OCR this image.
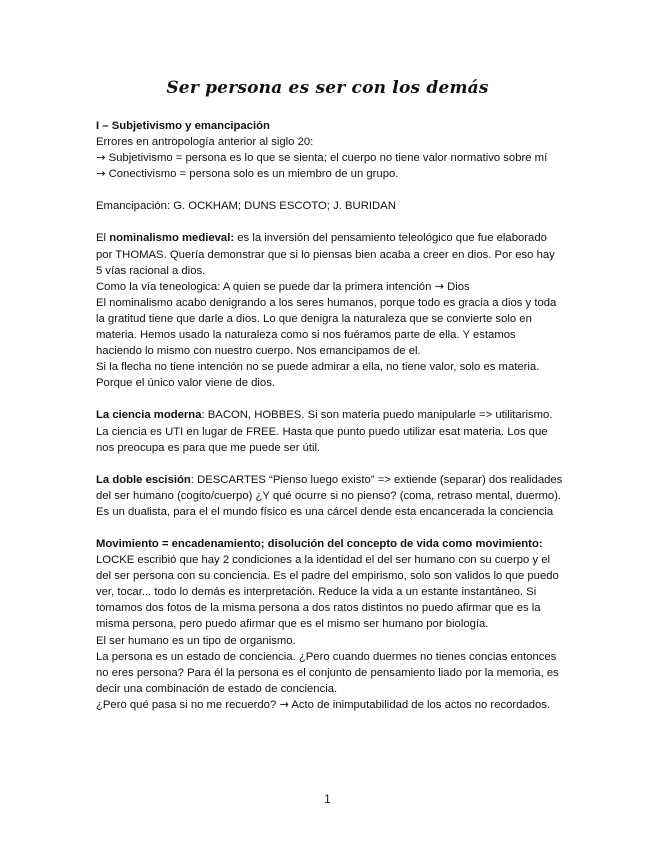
Ser persona es ser con los demás

I – Subjetivismo y emancipación

Errores en antropología anterior al siglo 20:

→ Subjetivismo = persona es lo que se sienta; el cuerpo no tiene valor normativo sobre mí

→ Conectivismo = persona solo es un miembro de un grupo.

Emancipación: G. OCKHAM; DUNS ESCOTO; J. BURIDAN

El nominalismo medieval: es la inversión del pensamiento teleológico que fue elaborado por THOMAS. Quería demonstrar que si lo piensas bien acaba a creer en dios. Por eso hay 5 vías racional a dios.

Como la vía teneologica: A quien se puede dar la primera intención → Dios

El nominalismo acabo denigrando a los seres humanos, porque todo es gracia a dios y toda la gratitud tiene que darle a dios. Lo que denigra la naturaleza que se convierte solo en materia. Hemos usado la naturaleza como si nos fuéramos parte de ella. Y estamos haciendo lo mismo con nuestro cuerpo. Nos emancipamos de el.

Si la flecha no tiene intención no se puede admirar a ella, no tiene valor, solo es materia. Porque el único valor viene de dios.

La ciencia moderna: BACON, HOBBES. Si son materia puedo manipularle => utilitarismo. La ciencia es UTI en lugar de FREE. Hasta que punto puedo utilizar esat materia. Los que nos preocupa es para que me puede ser útil.

La doble escisión: DESCARTES “Pienso luego existo” => extiende (separar) dos realidades del ser humano (cogito/cuerpo) ¿Y qué ocurre si no pienso? (coma, retraso mental, duermo). Es un dualista, para el el mundo físico es una cárcel dende esta encancerada la conciencia

Movimiento = encadenamiento; disolución del concepto de vida como movimiento:

LOCKE escribió que hay 2 condiciones a la identidad el del ser humano con su cuerpo y el del ser persona con su conciencia. Es el padre del empirismo, solo son validos lo que puedo ver, tocar... todo lo demás es interpretación. Reduce la vida a un estante instantáneo. Si tomamos dos fotos de la misma persona a dos ratos distintos no puedo afirmar que es la misma persona, pero puedo afirmar que es el mismo ser humano por biología.

El ser humano es un tipo de organismo.

La persona es un estado de conciencia. ¿Pero cuando duermes no tienes concias entonces no eres persona? Para él la persona es el conjunto de pensamiento liado por la memoria, es decir una combinación de estado de conciencia.

¿Pero qué pasa si no me recuerdo? → Acto de inimputabilidad de los actos no recordados.

1
